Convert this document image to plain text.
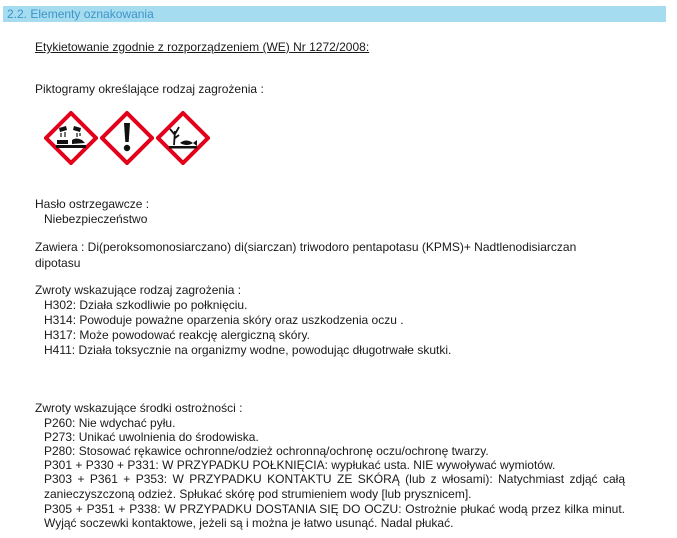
2.2. Elementy oznakowania
Etykietowanie zgodnie z rozporządzeniem (WE) Nr 1272/2008:
Piktogramy określające rodzaj zagrożenia :
Hasło ostrzegawcze :
Niebezpieczeństwo
Zawiera : Di(peroksomonosiarczano) di(siarczan) triwodoro pentapotasu (KPMS)+ Nadtlenodisiarczan
dipotasu
Zwroty wskazujące rodzaj zagrożenia :
H302: Działa szkodliwie po połknięciu.
H314: Powoduje poważne oparzenia skóry oraz uszkodzenia oczu .
H317: Może powodować reakcję alergiczną skóry.
H411: Działa toksycznie na organizmy wodne, powodując długotrwałe skutki.
Zwroty wskazujące środki ostrożności :
P260: Nie wdychać pyłu.
P273: Unikać uwolnienia do środowiska.
P280: Stosować rękawice ochronne/odzież ochronną/ochronę oczu/ochronę twarzy.
P301 + P330 + P331: W PRZYPADKU POŁKNIĘCIA: wypłukać usta. NIE wywoływać wymiotów.
P303 + P361 + P353: W PRZYPADKU KONTAKTU ZE SKÓRĄ (lub z włosami): Natychmiast zdjąć całą
zanieczyszczoną odzież. Spłukać skórę pod strumieniem wody [lub prysznicem].
P305 + P351 + P338: W PRZYPADKU DOSTANIA SIĘ DO OCZU: Ostrożnie płukać wodą przez kilka minut.
Wyjąć soczewki kontaktowe, jeżeli są i można je łatwo usunąć. Nadal płukać.
